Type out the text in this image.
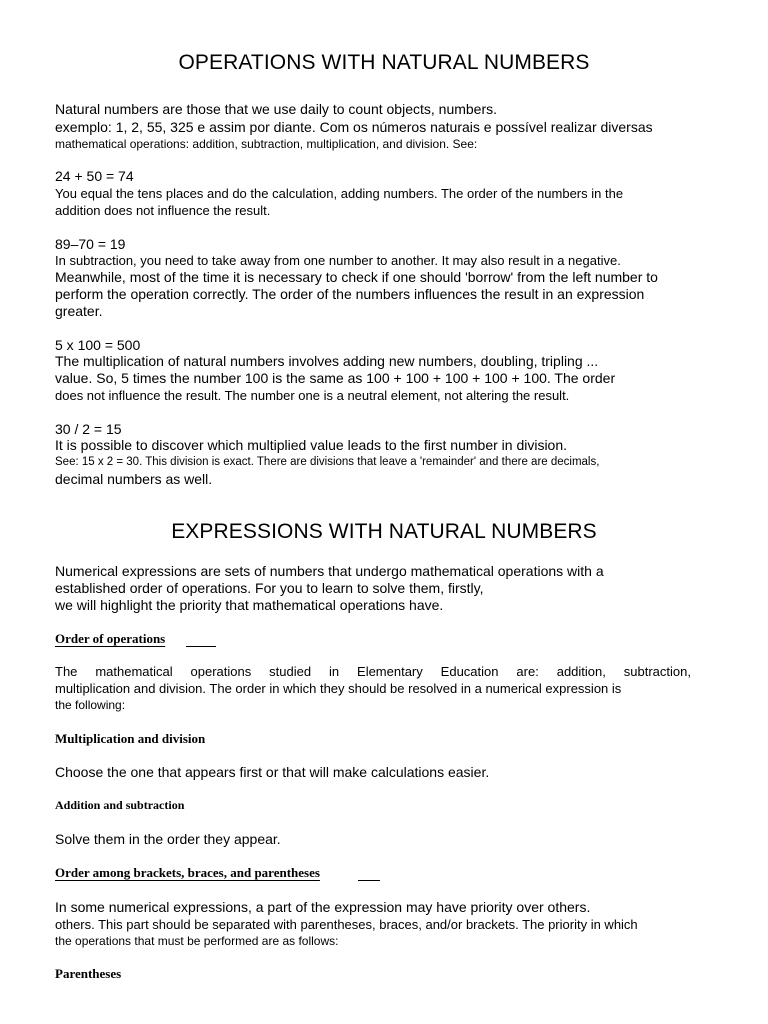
OPERATIONS WITH NATURAL NUMBERS
Natural numbers are those that we use daily to count objects, numbers.
exemplo: 1, 2, 55, 325 e assim por diante. Com os números naturais e possível realizar diversas
mathematical operations: addition, subtraction, multiplication, and division. See:
24 + 50 = 74
You equal the tens places and do the calculation, adding numbers. The order of the numbers in the
addition does not influence the result.
89–70 = 19
In subtraction, you need to take away from one number to another. It may also result in a negative.
Meanwhile, most of the time it is necessary to check if one should 'borrow' from the left number to
perform the operation correctly. The order of the numbers influences the result in an expression
greater.
5 x 100 = 500
The multiplication of natural numbers involves adding new numbers, doubling, tripling ...
value. So, 5 times the number 100 is the same as 100 + 100 + 100 + 100 + 100. The order
does not influence the result. The number one is a neutral element, not altering the result.
30 / 2 = 15
It is possible to discover which multiplied value leads to the first number in division.
See: 15 x 2 = 30. This division is exact. There are divisions that leave a 'remainder' and there are decimals,
decimal numbers as well.
EXPRESSIONS WITH NATURAL NUMBERS
Numerical expressions are sets of numbers that undergo mathematical operations with a
established order of operations. For you to learn to solve them, firstly,
we will highlight the priority that mathematical operations have.
Order of operations
The mathematical operations studied in Elementary Education are: addition, subtraction,
multiplication and division. The order in which they should be resolved in a numerical expression is
the following:
Multiplication and division
Choose the one that appears first or that will make calculations easier.
Addition and subtraction
Solve them in the order they appear.
Order among brackets, braces, and parentheses
In some numerical expressions, a part of the expression may have priority over others.
others. This part should be separated with parentheses, braces, and/or brackets. The priority in which
the operations that must be performed are as follows:
Parentheses
